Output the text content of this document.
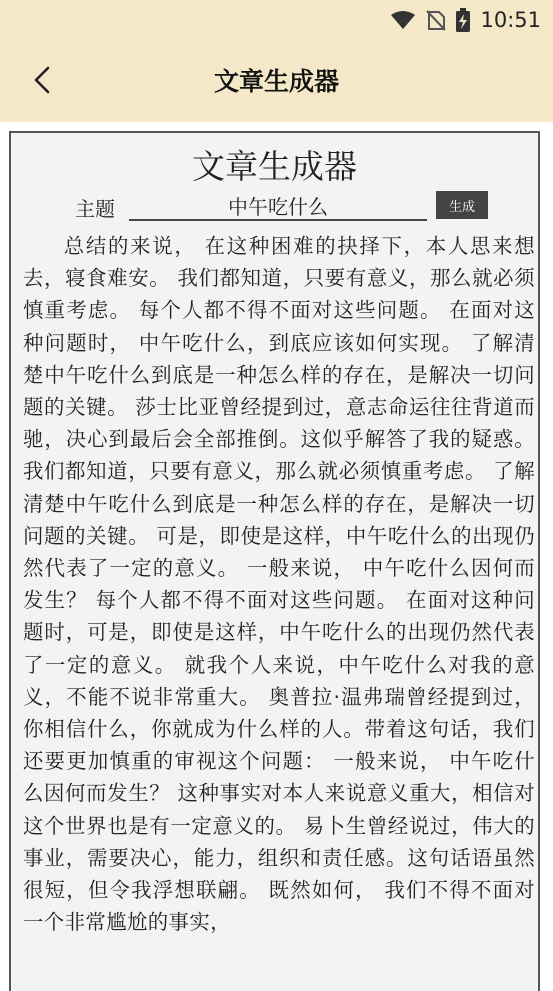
10:51
文章生成器
文章生成器
主题
中午吃什么	生成

总结的来说， 在这种困难的抉择下，本人思来想去，寝食难安。 我们都知道，只要有意义，那么就必须慎重考虑。 每个人都不得不面对这些问题。 在面对这种问题时， 中午吃什么，到底应该如何实现。 了解清楚中午吃什么到底是一种怎么样的存在，是解决一切问题的关键。 莎士比亚曾经提到过，意志命运往往背道而驰，决心到最后会全部推倒。这似乎解答了我的疑惑。 我们都知道，只要有意义，那么就必须慎重考虑。 了解清楚中午吃什么到底是一种怎么样的存在，是解决一切问题的关键。 可是，即使是这样，中午吃什么的出现仍然代表了一定的意义。 一般来说， 中午吃什么因何而发生？ 每个人都不得不面对这些问题。 在面对这种问题时，可是，即使是这样，中午吃什么的出现仍然代表了一定的意义。 就我个人来说，中午吃什么对我的意义，不能不说非常重大。 奥普拉·温弗瑞曾经提到过，你相信什么，你就成为什么样的人。带着这句话，我们还要更加慎重的审视这个问题： 一般来说， 中午吃什么因何而发生？ 这种事实对本人来说意义重大，相信对这个世界也是有一定意义的。 易卜生曾经说过，伟大的事业，需要决心，能力，组织和责任感。这句话语虽然很短，但令我浮想联翩。 既然如何， 我们不得不面对一个非常尴尬的事实，
